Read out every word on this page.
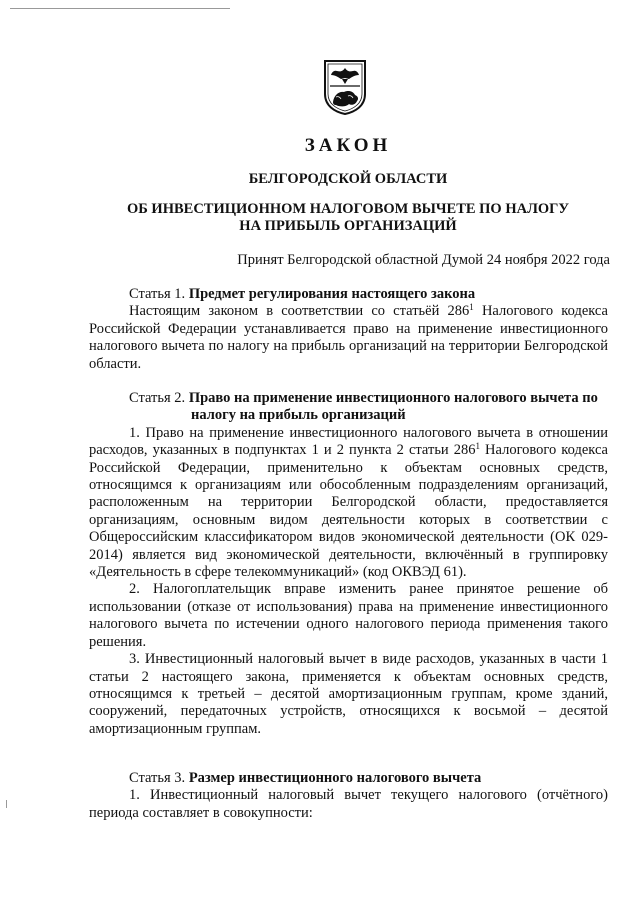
ЗАКОН
БЕЛГОРОДСКОЙ ОБЛАСТИ
ОБ ИНВЕСТИЦИОННОМ НАЛОГОВОМ ВЫЧЕТЕ ПО НАЛОГУ
НА ПРИБЫЛЬ ОРГАНИЗАЦИЙ
Принят Белгородской областной Думой 24 ноября 2022 года

Статья 1. Предмет регулирования настоящего закона

Настоящим законом в соответствии со статьёй $286^1$ Налогового кодекса Российской Федерации устанавливается право на применение инвестиционного налогового вычета по налогу на прибыль организаций на территории Белгородской области.

Статья 2. Право на применение инвестиционного налогового вычета по налогу на прибыль организаций

1. Право на применение инвестиционного налогового вычета в отношении расходов, указанных в подпунктах 1 и 2 пункта 2 статьи $286^1$ Налогового кодекса Российской Федерации, применительно к объектам основных средств, относящимся к организациям или обособленным подразделениям организаций, расположенным на территории Белгородской области, предоставляется организациям, основным видом деятельности которых в соответствии с Общероссийским классификатором видов экономической деятельности (ОК 029-2014) является вид экономической деятельности, включённый в группировку «Деятельность в сфере телекоммуникаций» (код ОКВЭД 61).

2. Налогоплательщик вправе изменить ранее принятое решение об использовании (отказе от использования) права на применение инвестиционного налогового вычета по истечении одного налогового периода применения такого решения.

3. Инвестиционный налоговый вычет в виде расходов, указанных в части 1 статьи 2 настоящего закона, применяется к объектам основных средств, относящимся к третьей – десятой амортизационным группам, кроме зданий, сооружений, передаточных устройств, относящихся к восьмой – десятой амортизационным группам.

Статья 3. Размер инвестиционного налогового вычета

1. Инвестиционный налоговый вычет текущего налогового (отчётного) периода составляет в совокупности:
